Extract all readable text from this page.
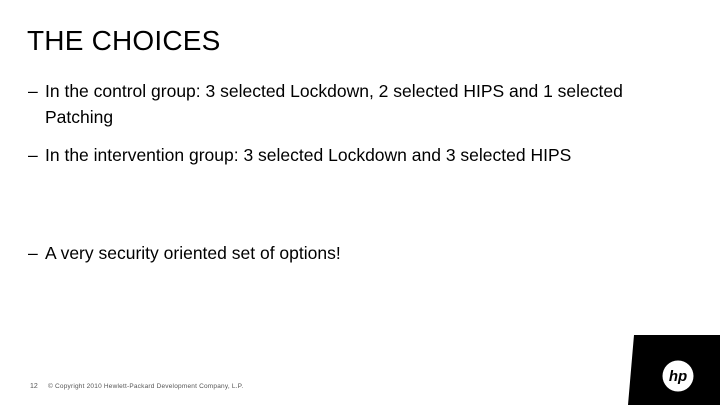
THE CHOICES
– In the control group: 3 selected Lockdown, 2 selected HIPS and 1 selected Patching
– In the intervention group: 3 selected Lockdown and 3 selected HIPS
– A very security oriented set of options!
12 © Copyright 2010 Hewlett-Packard Development Company, L.P.
hp
